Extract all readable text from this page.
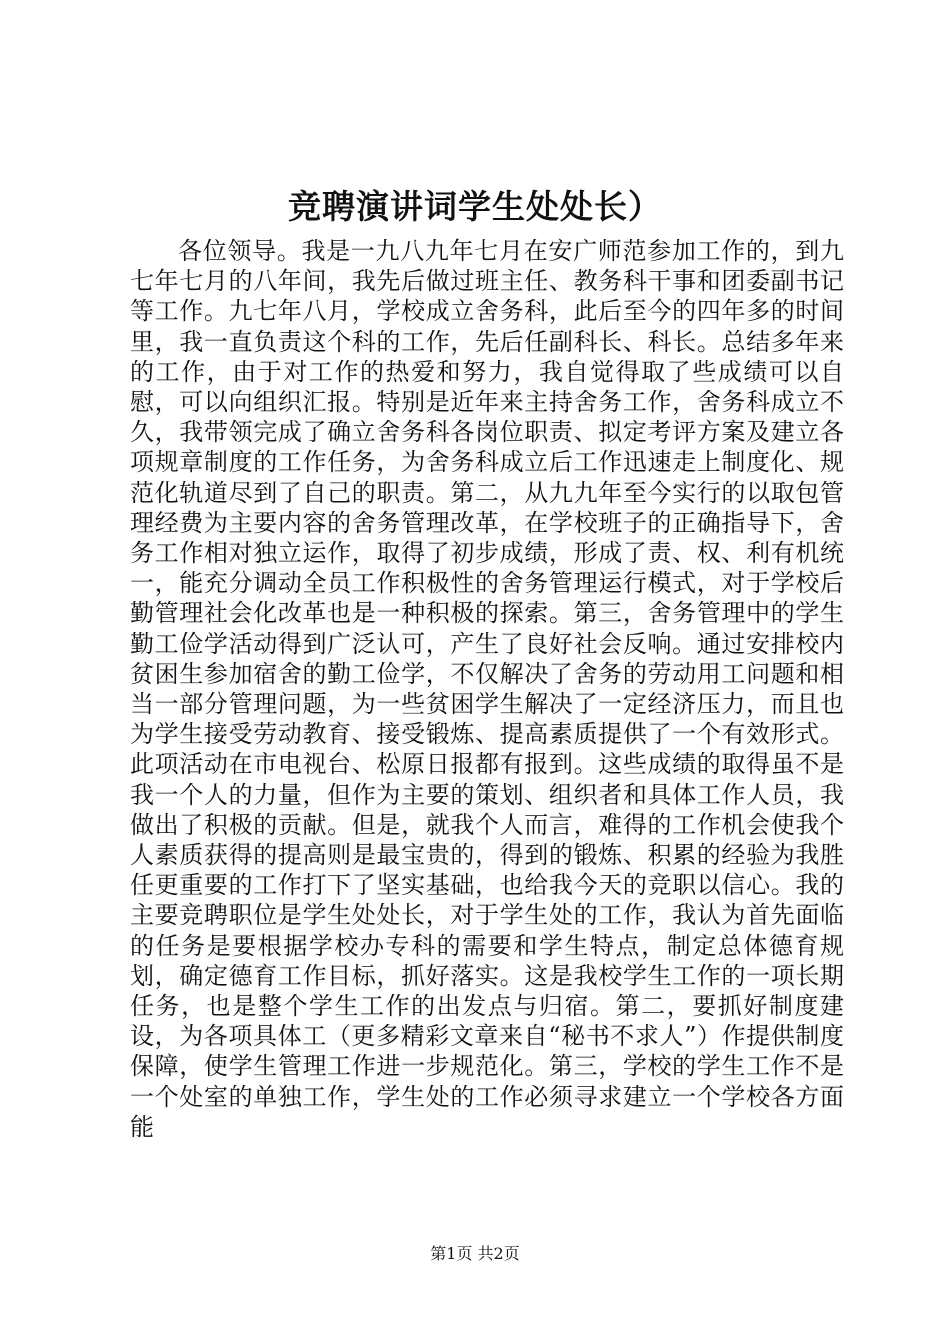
竞聘演讲词学生处处长）

各位领导。我是一九八九年七月在安广师范参加工作的，到九七年七月的八年间，我先后做过班主任、教务科干事和团委副书记等工作。九七年八月，学校成立舍务科，此后至今的四年多的时间里，我一直负责这个科的工作，先后任副科长、科长。总结多年来的工作，由于对工作的热爱和努力，我自觉得取了些成绩可以自慰，可以向组织汇报。特别是近年来主持舍务工作，舍务科成立不久，我带领完成了确立舍务科各岗位职责、拟定考评方案及建立各项规章制度的工作任务，为舍务科成立后工作迅速走上制度化、规范化轨道尽到了自己的职责。第二，从九九年至今实行的以取包管理经费为主要内容的舍务管理改革，在学校班子的正确指导下，舍务工作相对独立运作，取得了初步成绩，形成了责、权、利有机统一，能充分调动全员工作积极性的舍务管理运行模式，对于学校后勤管理社会化改革也是一种积极的探索。第三，舍务管理中的学生勤工俭学活动得到广泛认可，产生了良好社会反响。通过安排校内贫困生参加宿舍的勤工俭学，不仅解决了舍务的劳动用工问题和相当一部分管理问题，为一些贫困学生解决了一定经济压力，而且也为学生接受劳动教育、接受锻炼、提高素质提供了一个有效形式。此项活动在市电视台、松原日报都有报到。这些成绩的取得虽不是我一个人的力量，但作为主要的策划、组织者和具体工作人员，我做出了积极的贡献。但是，就我个人而言，难得的工作机会使我个人素质获得的提高则是最宝贵的，得到的锻炼、积累的经验为我胜任更重要的工作打下了坚实基础，也给我今天的竞职以信心。我的主要竞聘职位是学生处处长，对于学生处的工作，我认为首先面临的任务是要根据学校办专科的需要和学生特点，制定总体德育规划，确定德育工作目标，抓好落实。这是我校学生工作的一项长期任务，也是整个学生工作的出发点与归宿。第二，要抓好制度建设，为各项具体工（更多精彩文章来自“秘书不求人”）作提供制度保障，使学生管理工作进一步规范化。第三，学校的学生工作不是一个处室的单独工作，学生处的工作必须寻求建立一个学校各方面能

第1页 共2页
